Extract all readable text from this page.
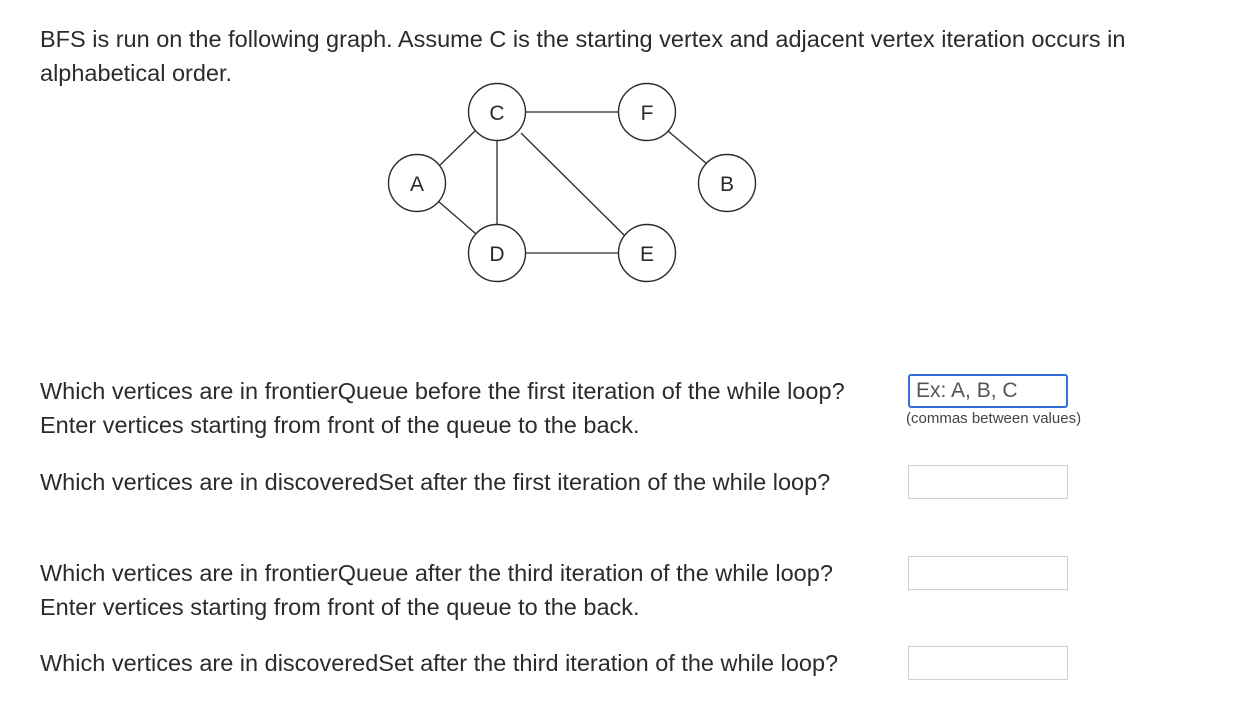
BFS is run on the following graph. Assume C is the starting vertex and adjacent vertex iteration occurs in alphabetical order.

C	F
A	B
D	E

Which vertices are in frontierQueue before the first iteration of the while loop?

Enter vertices starting from front of the queue to the back.

Ex: A, B, C	(commas between values)

Which vertices are in discoveredSet after the first iteration of the while loop?

Which vertices are in frontierQueue after the third iteration of the while loop?

Enter vertices starting from front of the queue to the back.

Which vertices are in discoveredSet after the third iteration of the while loop?
